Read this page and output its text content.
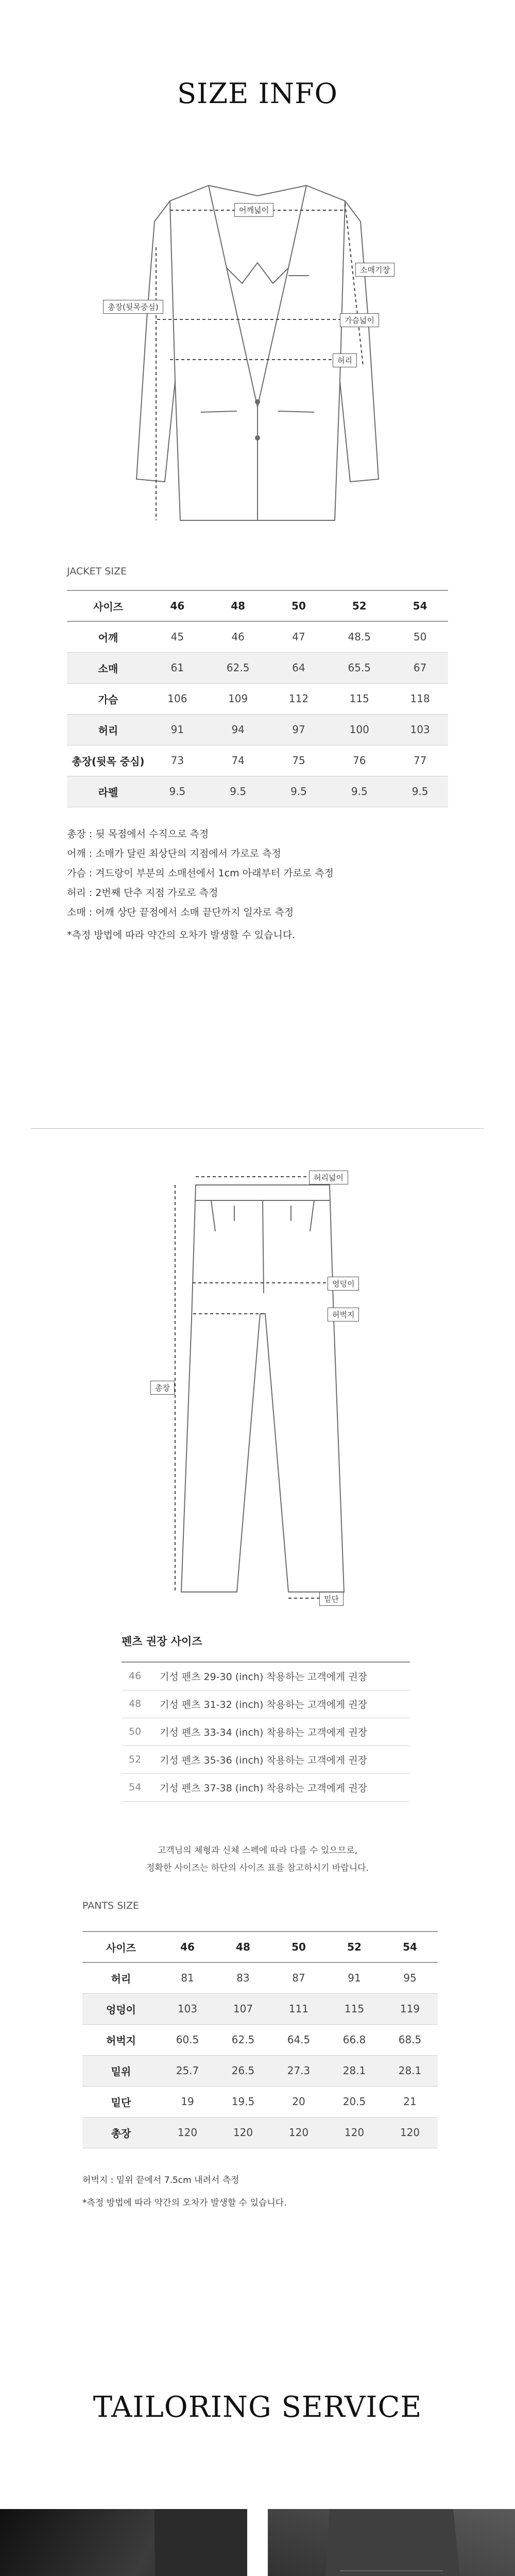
SIZE INFO
어깨넓이
소매기장
가슴넓이
허리
총장(뒷목중심)
JACKET SIZE
사이즈	46	48	50	52	54
어깨	45	46	47	48.5	50
소매	61	62.5	64	65.5	67
가슴	106	109	112	115	118
허리	91	94	97	100	103
총장(뒷목 중심)	73	74	75	76	77
라펠	9.5	9.5	9.5	9.5	9.5

총장 : 뒷 목점에서 수직으로 측정

어깨 : 소매가 달린 최상단의 지점에서 가로로 측정

가슴 : 겨드랑이 부분의 소매선에서 1cm 아래부터 가로로 측정

허리 : 2번째 단추 지점 가로로 측정

소매 : 어깨 상단 끝점에서 소매 끝단까지 일자로 측정

*측정 방법에 따라 약간의 오차가 발생할 수 있습니다.
허리넓이
총장
엉덩이
허벅지
밑단
펜츠 권장 사이즈
46	기성 펜츠 29-30 (inch) 착용하는 고객에게 권장
48	기성 펜츠 31-32 (inch) 착용하는 고객에게 권장
50	기성 펜츠 33-34 (inch) 착용하는 고객에게 권장
52	기성 펜츠 35-36 (inch) 착용하는 고객에게 권장
54	기성 펜츠 37-38 (inch) 착용하는 고객에게 권장
고객님의 체형과 신체 스펙에 따라 다를 수 있으므로,
정확한 사이즈는 하단의 사이즈 표를 참고하시기 바랍니다.
PANTS SIZE
사이즈	46	48	50	52	54
허리	81	83	87	91	95
엉덩이	103	107	111	115	119
허벅지	60.5	62.5	64.5	66.8	68.5
밑위	25.7	26.5	27.3	28.1	28.1
밑단	19	19.5	20	20.5	21
총장	120	120	120	120	120

허벅지 : 밑위 끝에서 7.5cm 내려서 측정

*측정 방법에 따라 약간의 오차가 발생할 수 있습니다.

TAILORING SERVICE
